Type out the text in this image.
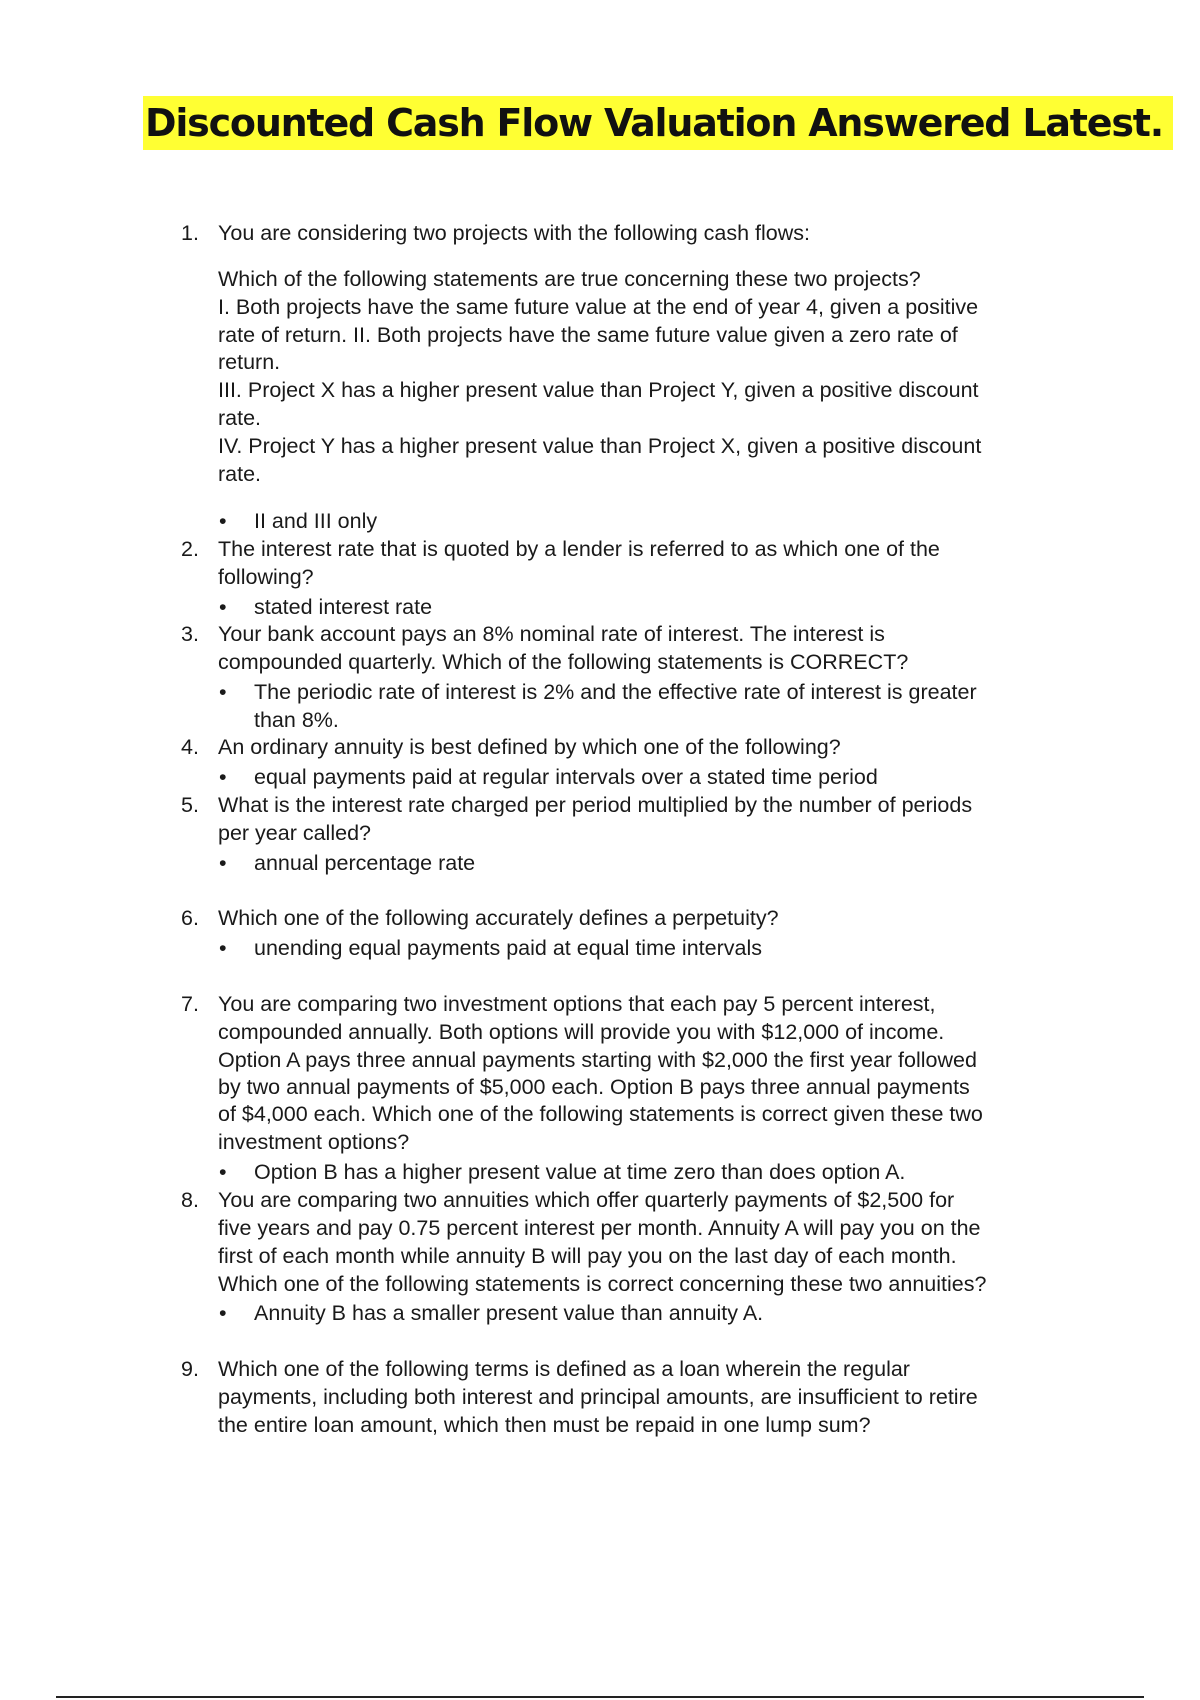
Discounted Cash Flow Valuation Answered Latest.
1. You are considering two projects with the following cash flows:
Which of the following statements are true concerning these two projects?
I. Both projects have the same future value at the end of year 4, given a positive
rate of return. II. Both projects have the same future value given a zero rate of
return.
III. Project X has a higher present value than Project Y, given a positive discount
rate.
IV. Project Y has a higher present value than Project X, given a positive discount
rate.
• II and III only
2. The interest rate that is quoted by a lender is referred to as which one of the
following?
• stated interest rate
3. Your bank account pays an 8% nominal rate of interest. The interest is
compounded quarterly. Which of the following statements is CORRECT?
• The periodic rate of interest is 2% and the effective rate of interest is greater
than 8%.
4. An ordinary annuity is best defined by which one of the following?
• equal payments paid at regular intervals over a stated time period
5. What is the interest rate charged per period multiplied by the number of periods
per year called?
• annual percentage rate
6. Which one of the following accurately defines a perpetuity?
• unending equal payments paid at equal time intervals
7. You are comparing two investment options that each pay 5 percent interest,
compounded annually. Both options will provide you with $12,000 of income.
Option A pays three annual payments starting with $2,000 the first year followed
by two annual payments of $5,000 each. Option B pays three annual payments
of $4,000 each. Which one of the following statements is correct given these two
investment options?
• Option B has a higher present value at time zero than does option A.
8. You are comparing two annuities which offer quarterly payments of $2,500 for
five years and pay 0.75 percent interest per month. Annuity A will pay you on the
first of each month while annuity B will pay you on the last day of each month.
Which one of the following statements is correct concerning these two annuities?
• Annuity B has a smaller present value than annuity A.
9. Which one of the following terms is defined as a loan wherein the regular
payments, including both interest and principal amounts, are insufficient to retire
the entire loan amount, which then must be repaid in one lump sum?
